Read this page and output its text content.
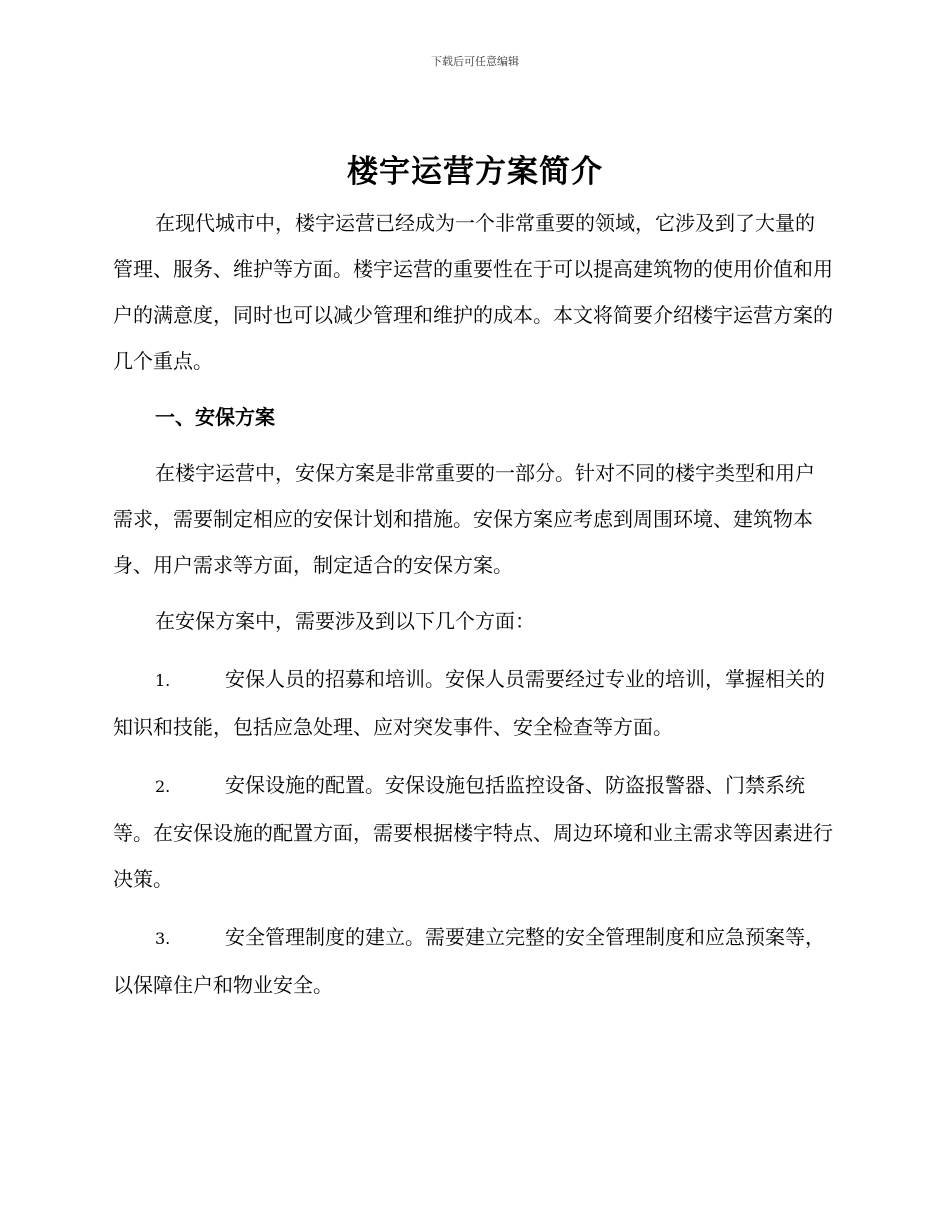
下载后可任意编辑
楼宇运营方案简介

在现代城市中，楼宇运营已经成为一个非常重要的领域，它涉及到了大量的管理、服务、维护等方面。楼宇运营的重要性在于可以提高建筑物的使用价值和用户的满意度，同时也可以减少管理和维护的成本。本文将简要介绍楼宇运营方案的几个重点。

一、安保方案

在楼宇运营中，安保方案是非常重要的一部分。针对不同的楼宇类型和用户需求，需要制定相应的安保计划和措施。安保方案应考虑到周围环境、建筑物本身、用户需求等方面，制定适合的安保方案。

在安保方案中，需要涉及到以下几个方面：

1.	安保人员的招募和培训。安保人员需要经过专业的培训，掌握相关的知识和技能，包括应急处理、应对突发事件、安全检查等方面。

2.	安保设施的配置。安保设施包括监控设备、防盗报警器、门禁系统等。在安保设施的配置方面，需要根据楼宇特点、周边环境和业主需求等因素进行决策。

3.	安全管理制度的建立。需要建立完整的安全管理制度和应急预案等，以保障住户和物业安全。
